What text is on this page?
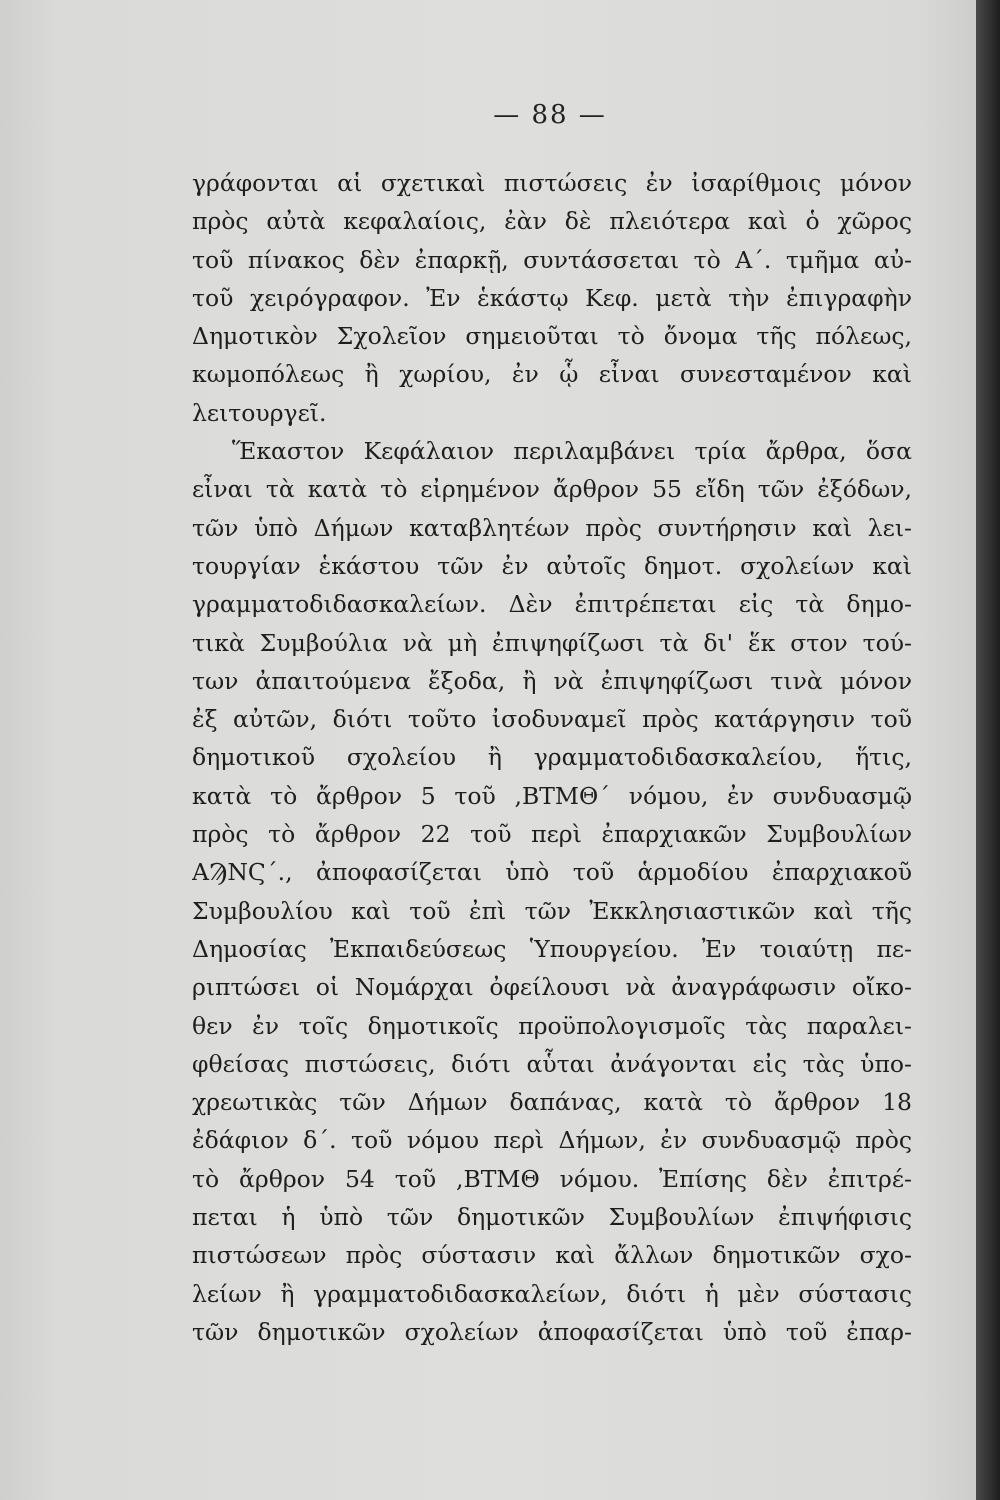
— 88 —
γράφονται αἱ σχετικαὶ πιστώσεις ἐν ἰσαρίθμοις μόνον
πρὸς αὐτὰ κεφαλαίοις, ἐὰν δὲ πλειότερα καὶ ὁ χῶρος
τοῦ πίνακος δὲν ἐπαρκῇ, συντάσσεται τὸ Α΄. τμῆμα αὐ-
τοῦ χειρόγραφον. Ἐν ἑκάστῳ Κεφ. μετὰ τὴν ἐπιγραφὴν
Δημοτικὸν Σχολεῖον σημειοῦται τὸ ὄνομα τῆς πόλεως,
κωμοπόλεως ἢ χωρίου, ἐν ᾧ εἶναι συνεσταμένον καὶ
λειτουργεῖ.
Ἕκαστον Κεφάλαιον περιλαμβάνει τρία ἄρθρα, ὅσα
εἶναι τὰ κατὰ τὸ εἰρημένον ἄρθρον 55 εἴδη τῶν ἐξόδων,
τῶν ὑπὸ Δήμων καταβλητέων πρὸς συντήρησιν καὶ λει-
τουργίαν ἑκάστου τῶν ἐν αὐτοῖς δημοτ. σχολείων καὶ
γραμματοδιδασκαλείων. Δὲν ἐπιτρέπεται εἰς τὰ δημο-
τικὰ Συμβούλια νὰ μὴ ἐπιψηφίζωσι τὰ δι' ἕκ στον τού-
των ἀπαιτούμενα ἔξοδα, ἢ νὰ ἐπιψηφίζωσι τινὰ μόνον
ἐξ αὐτῶν, διότι τοῦτο ἰσοδυναμεῖ πρὸς κατάργησιν τοῦ
δημοτικοῦ σχολείου ἢ γραμματοδιδασκαλείου, ἥτις,
κατὰ τὸ ἄρθρον 5 τοῦ ,ΒΤΜΘ΄ νόμου, ἐν συνδυασμῷ
πρὸς τὸ ἄρθρον 22 τοῦ περὶ ἐπαρχιακῶν Συμβουλίων
ΑϠΝϚ΄., ἀποφασίζεται ὑπὸ τοῦ ἁρμοδίου ἐπαρχιακοῦ
Συμβουλίου καὶ τοῦ ἐπὶ τῶν Ἐκκλησιαστικῶν καὶ τῆς
Δημοσίας Ἐκπαιδεύσεως Ὑπουργείου. Ἐν τοιαύτῃ πε-
ριπτώσει οἱ Νομάρχαι ὀφείλουσι νὰ ἀναγράφωσιν οἴκο-
θεν ἐν τοῖς δημοτικοῖς προϋπολογισμοῖς τὰς παραλει-
φθείσας πιστώσεις, διότι αὗται ἀνάγονται εἰς τὰς ὑπο-
χρεωτικὰς τῶν Δήμων δαπάνας, κατὰ τὸ ἄρθρον 18
ἐδάφιον δ΄. τοῦ νόμου περὶ Δήμων, ἐν συνδυασμῷ πρὸς
τὸ ἄρθρον 54 τοῦ ,ΒΤΜΘ νόμου. Ἐπίσης δὲν ἐπιτρέ-
πεται ἡ ὑπὸ τῶν δημοτικῶν Συμβουλίων ἐπιψήφισις
πιστώσεων πρὸς σύστασιν καὶ ἄλλων δημοτικῶν σχο-
λείων ἢ γραμματοδιδασκαλείων, διότι ἡ μὲν σύστασις
τῶν δημοτικῶν σχολείων ἀποφασίζεται ὑπὸ τοῦ ἐπαρ-
